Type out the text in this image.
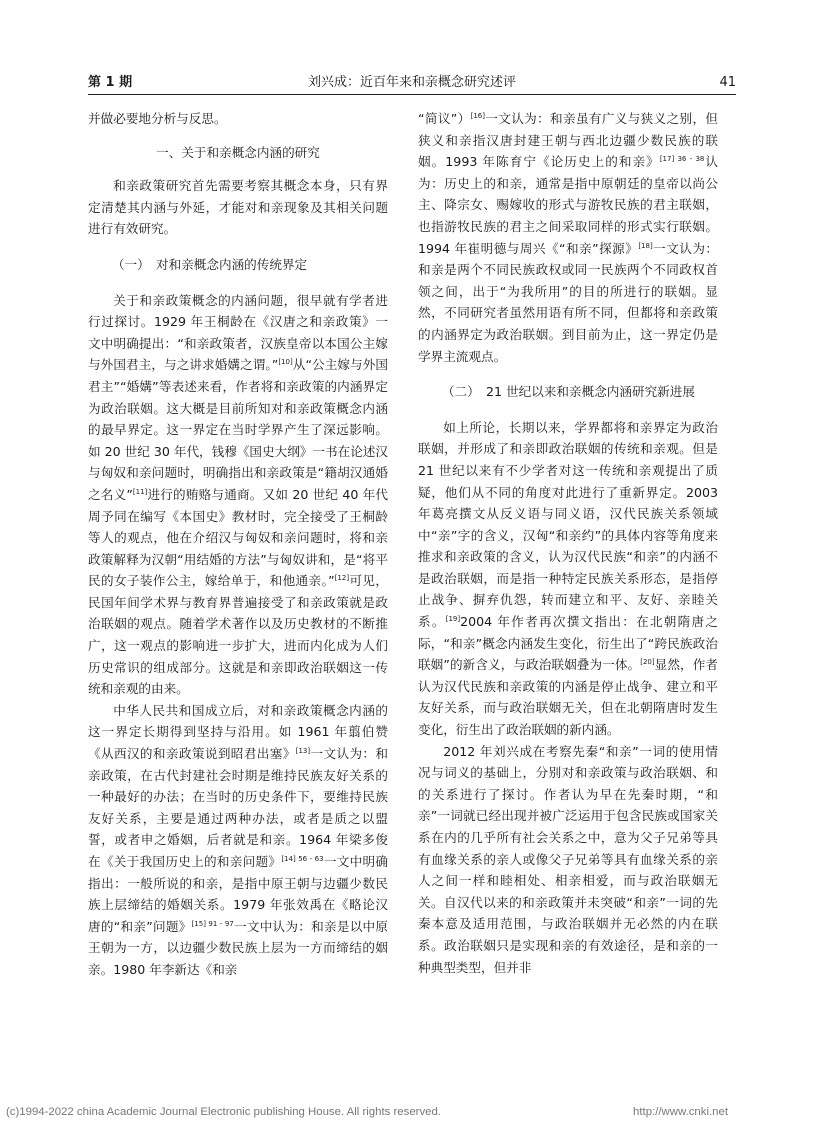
第 1 期	刘兴成：近百年来和亲概念研究述评	41

并做必要地分析与反思。

一、关于和亲概念内涵的研究

和亲政策研究首先需要考察其概念本身，只有界定清楚其内涵与外延，才能对和亲现象及其相关问题进行有效研究。

（一）　对和亲概念内涵的传统界定

关于和亲政策概念的内涵问题，很早就有学者进行过探讨。1929 年王桐龄在《汉唐之和亲政策》一文中明确提出：“和亲政策者，汉族皇帝以本国公主嫁与外国君主，与之讲求婚媾之谓。”[10]从“公主嫁与外国君主”“婚媾”等表述来看，作者将和亲政策的内涵界定为政治联姻。这大概是目前所知对和亲政策概念内涵的最早界定。这一界定在当时学界产生了深远影响。如 20 世纪 30 年代，钱穆《国史大纲》一书在论述汉与匈奴和亲问题时，明确指出和亲政策是“籍胡汉通婚之名义”[11]进行的贿赂与通商。又如 20 世纪 40 年代周予同在编写《本国史》教材时，完全接受了王桐龄等人的观点，他在介绍汉与匈奴和亲问题时，将和亲政策解释为汉朝“用结婚的方法”与匈奴讲和，是“将平民的女子装作公主，嫁给单于，和他通亲。”[12]可见，民国年间学术界与教育界普遍接受了和亲政策就是政治联姻的观点。随着学术著作以及历史教材的不断推广，这一观点的影响进一步扩大，进而内化成为人们历史常识的组成部分。这就是和亲即政治联姻这一传统和亲观的由来。

中华人民共和国成立后，对和亲政策概念内涵的这一界定长期得到坚持与沿用。如 1961 年翦伯赞《从西汉的和亲政策说到昭君出塞》[13]一文认为：和亲政策，在古代封建社会时期是维持民族友好关系的一种最好的办法；在当时的历史条件下，要维持民族友好关系，主要是通过两种办法，或者是质之以盟誓，或者申之婚姻，后者就是和亲。1964 年梁多俊在《关于我国历史上的和亲问题》$^{[14] 56 - 63}$一文中明确指出：一般所说的和亲，是指中原王朝与边疆少数民族上层缔结的婚姻关系。1979 年张效禹在《略论汉唐的“和亲”问题》$^{[15] 91 - 97}$一文中认为：和亲是以中原王朝为一方，以边疆少数民族上层为一方而缔结的姻亲。1980 年李新达《和亲

“简议”）[16]一文认为：和亲虽有广义与狭义之别，但狭义和亲指汉唐封建王朝与西北边疆少数民族的联姻。1993 年陈育宁《论历史上的和亲》$^{[17] 36 - 38}$认为：历史上的和亲，通常是指中原朝廷的皇帝以尚公主、降宗女、赐嫁收的形式与游牧民族的君主联姻，也指游牧民族的君主之间采取同样的形式实行联姻。1994 年崔明德与周兴《“和亲”探源》[18]一文认为：和亲是两个不同民族政权或同一民族两个不同政权首领之间，出于“为我所用”的目的所进行的联姻。显然，不同研究者虽然用语有所不同，但都将和亲政策的内涵界定为政治联姻。到目前为止，这一界定仍是学界主流观点。

（二）　21 世纪以来和亲概念内涵研究新进展

如上所论，长期以来，学界都将和亲界定为政治联姻，并形成了和亲即政治联姻的传统和亲观。但是 21 世纪以来有不少学者对这一传统和亲观提出了质疑，他们从不同的角度对此进行了重新界定。2003 年葛亮撰文从反义语与同义语，汉代民族关系领域中“亲”字的含义，汉匈“和亲约”的具体内容等角度来推求和亲政策的含义，认为汉代民族“和亲”的内涵不是政治联姻，而是指一种特定民族关系形态，是指停止战争、摒弃仇怨，转而建立和平、友好、亲睦关系。[19]2004 年作者再次撰文指出：在北朝隋唐之际，“和亲”概念内涵发生变化，衍生出了“跨民族政治联姻”的新含义，与政治联姻叠为一体。[20]显然，作者认为汉代民族和亲政策的内涵是停止战争、建立和平友好关系，而与政治联姻无关，但在北朝隋唐时发生变化，衍生出了政治联姻的新内涵。

2012 年刘兴成在考察先秦“和亲”一词的使用情况与词义的基础上，分别对和亲政策与政治联姻、和的关系进行了探讨。作者认为早在先秦时期，“和亲”一词就已经出现并被广泛运用于包含民族或国家关系在内的几乎所有社会关系之中，意为父子兄弟等具有血缘关系的亲人或像父子兄弟等具有血缘关系的亲人之间一样和睦相处、相亲相爱，而与政治联姻无关。自汉代以来的和亲政策并未突破“和亲”一词的先秦本意及适用范围，与政治联姻并无必然的内在联系。政治联姻只是实现和亲的有效途径，是和亲的一种典型类型，但并非

(c)1994-2022 china Academic Journal Electronic publishing House. All rights reserved.	http://www.cnki.net
